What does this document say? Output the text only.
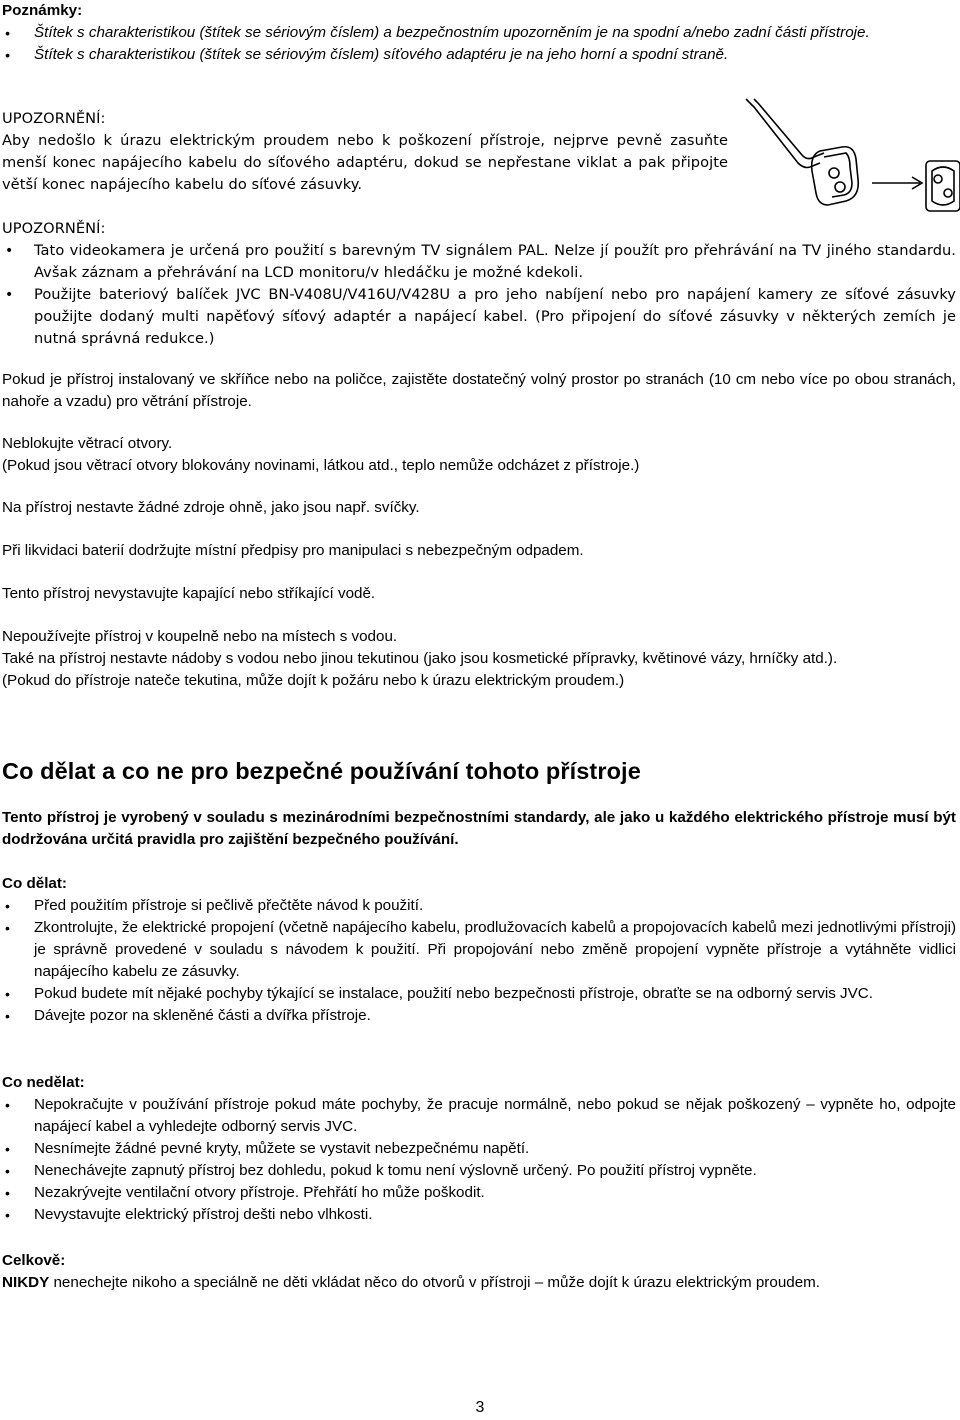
Poznámky:

• Štítek s charakteristikou (štítek se sériovým číslem) a bezpečnostním upozorněním je na spodní a/nebo zadní části přístroje.
• Štítek s charakteristikou (štítek se sériovým číslem) síťového adaptéru je na jeho horní a spodní straně.

UPOZORNĚNÍ:

Aby nedošlo k úrazu elektrickým proudem nebo k poškození přístroje, nejprve pevně zasuňte menší konec napájecího kabelu do síťového adaptéru, dokud se nepřestane viklat a pak připojte větší konec napájecího kabelu do síťové zásuvky.

UPOZORNĚNÍ:

• Tato videokamera je určená pro použití s barevným TV signálem PAL. Nelze jí použít pro přehrávání na TV jiného standardu. Avšak záznam a přehrávání na LCD monitoru/v hledáčku je možné kdekoli.
• Použijte bateriový balíček JVC BN-V408U/V416U/V428U a pro jeho nabíjení nebo pro napájení kamery ze síťové zásuvky použijte dodaný multi napěťový síťový adaptér a napájecí kabel. (Pro připojení do síťové zásuvky v některých zemích je nutná správná redukce.)

Pokud je přístroj instalovaný ve skříňce nebo na poličce, zajistěte dostatečný volný prostor po stranách (10 cm nebo více po obou stranách, nahoře a vzadu) pro větrání přístroje.

Neblokujte větrací otvory.

(Pokud jsou větrací otvory blokovány novinami, látkou atd., teplo nemůže odcházet z přístroje.)

Na přístroj nestavte žádné zdroje ohně, jako jsou např. svíčky.

Při likvidaci baterií dodržujte místní předpisy pro manipulaci s nebezpečným odpadem.

Tento přístroj nevystavujte kapající nebo stříkající vodě.

Nepoužívejte přístroj v koupelně nebo na místech s vodou.

Také na přístroj nestavte nádoby s vodou nebo jinou tekutinou (jako jsou kosmetické přípravky, květinové vázy, hrníčky atd.).

(Pokud do přístroje nateče tekutina, může dojít k požáru nebo k úrazu elektrickým proudem.)

Co dělat a co ne pro bezpečné používání tohoto přístroje

Tento přístroj je vyrobený v souladu s mezinárodními bezpečnostními standardy, ale jako u každého elektrického přístroje musí být dodržována určitá pravidla pro zajištění bezpečného používání.

Co dělat:

• Před použitím přístroje si pečlivě přečtěte návod k použití.
• Zkontrolujte, že elektrické propojení (včetně napájecího kabelu, prodlužovacích kabelů a propojovacích kabelů mezi jednotlivými přístroji) je správně provedené v souladu s návodem k použití. Při propojování nebo změně propojení vypněte přístroje a vytáhněte vidlici napájecího kabelu ze zásuvky.
• Pokud budete mít nějaké pochyby týkající se instalace, použití nebo bezpečnosti přístroje, obraťte se na odborný servis JVC.
• Dávejte pozor na skleněné části a dvířka přístroje.

Co nedělat:

• Nepokračujte v používání přístroje pokud máte pochyby, že pracuje normálně, nebo pokud se nějak poškozený – vypněte ho, odpojte napájecí kabel a vyhledejte odborný servis JVC.
• Nesnímejte žádné pevné kryty, můžete se vystavit nebezpečnému napětí.
• Nenechávejte zapnutý přístroj bez dohledu, pokud k tomu není výslovně určený. Po použití přístroj vypněte.
• Nezakrývejte ventilační otvory přístroje. Přehřátí ho může poškodit.
• Nevystavujte elektrický přístroj dešti nebo vlhkosti.

Celkově:

NIKDY nenechejte nikoho a speciálně ne děti vkládat něco do otvorů v přístroji – může dojít k úrazu elektrickým proudem.

3
